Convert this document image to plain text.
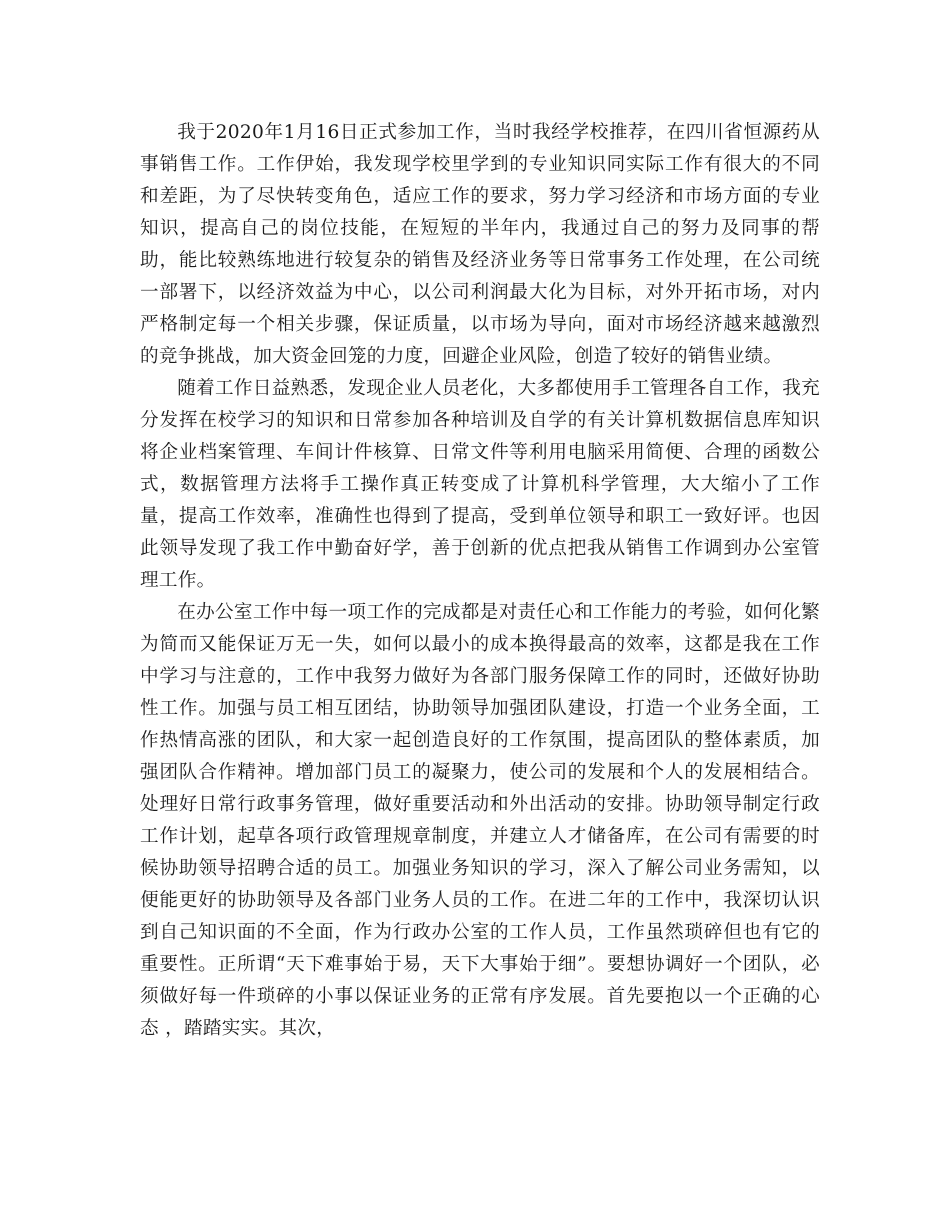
我于2020年1月16日正式参加工作，当时我经学校推荐，在四川省恒源药从事销售工作。工作伊始，我发现学校里学到的专业知识同实际工作有很大的不同和差距，为了尽快转变角色，适应工作的要求，努力学习经济和市场方面的专业知识，提高自己的岗位技能，在短短的半年内，我通过自己的努力及同事的帮助，能比较熟练地进行较复杂的销售及经济业务等日常事务工作处理，在公司统一部署下，以经济效益为中心，以公司利润最大化为目标，对外开拓市场，对内严格制定每一个相关步骤，保证质量，以市场为导向，面对市场经济越来越激烈的竞争挑战，加大资金回笼的力度，回避企业风险，创造了较好的销售业绩。

随着工作日益熟悉，发现企业人员老化，大多都使用手工管理各自工作，我充分发挥在校学习的知识和日常参加各种培训及自学的有关计算机数据信息库知识将企业档案管理、车间计件核算、日常文件等利用电脑采用简便、合理的函数公式，数据管理方法将手工操作真正转变成了计算机科学管理，大大缩小了工作量，提高工作效率，准确性也得到了提高，受到单位领导和职工一致好评。也因此领导发现了我工作中勤奋好学，善于创新的优点把我从销售工作调到办公室管理工作。

在办公室工作中每一项工作的完成都是对责任心和工作能力的考验，如何化繁为简而又能保证万无一失，如何以最小的成本换得最高的效率，这都是我在工作中学习与注意的，工作中我努力做好为各部门服务保障工作的同时，还做好协助性工作。加强与员工相互团结，协助领导加强团队建设，打造一个业务全面，工作热情高涨的团队，和大家一起创造良好的工作氛围，提高团队的整体素质，加强团队合作精神。增加部门员工的凝聚力，使公司的发展和个人的发展相结合。处理好日常行政事务管理，做好重要活动和外出活动的安排。协助领导制定行政工作计划，起草各项行政管理规章制度，并建立人才储备库，在公司有需要的时候协助领导招聘合适的员工。加强业务知识的学习，深入了解公司业务需知，以便能更好的协助领导及各部门业务人员的工作。在进二年的工作中，我深切认识到自己知识面的不全面，作为行政办公室的工作人员，工作虽然琐碎但也有它的重要性。正所谓“天下难事始于易，天下大事始于细”。要想协调好一个团队，必须做好每一件琐碎的小事以保证业务的正常有序发展。首先要抱以一个正确的心态 ，踏踏实实。其次，
